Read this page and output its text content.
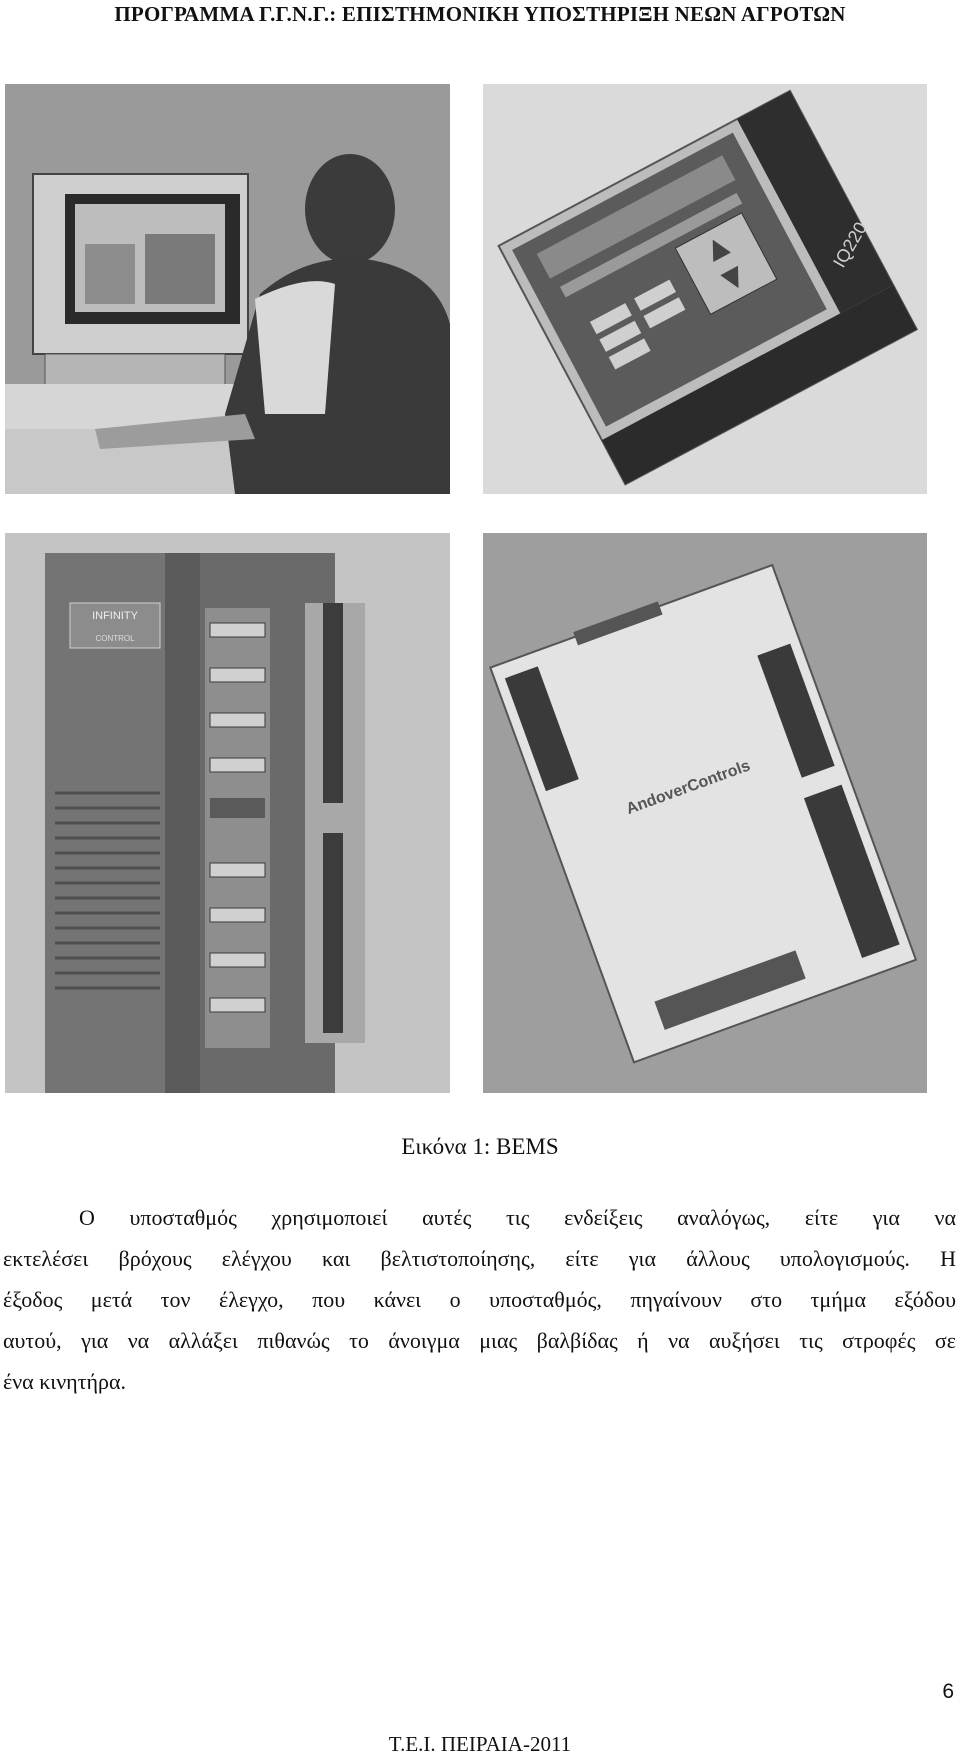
ΠΡΟΓΡΑΜΜΑ Γ.Γ.Ν.Γ.: ΕΠΙΣΤΗΜΟΝΙΚΗ ΥΠΟΣΤΗΡΙΞΗ ΝΕΩΝ ΑΓΡΟΤΩΝ
IQ220
INFINITY
CONTROL
AndoverControls
Εικόνα 1: BEMS
Ο υποσταθμός χρησιμοποιεί αυτές τις ενδείξεις αναλόγως, είτε για να
εκτελέσει βρόχους ελέγχου και βελτιστοποίησης, είτε για άλλους υπολογισμούς. Η
έξοδος μετά τον έλεγχο, που κάνει ο υποσταθμός, πηγαίνουν στο τμήμα εξόδου
αυτού, για να αλλάξει πιθανώς το άνοιγμα μιας βαλβίδας ή να αυξήσει τις στροφές σε
ένα κινητήρα.
6
Τ.Ε.Ι. ΠΕΙΡΑΙΑ-2011
